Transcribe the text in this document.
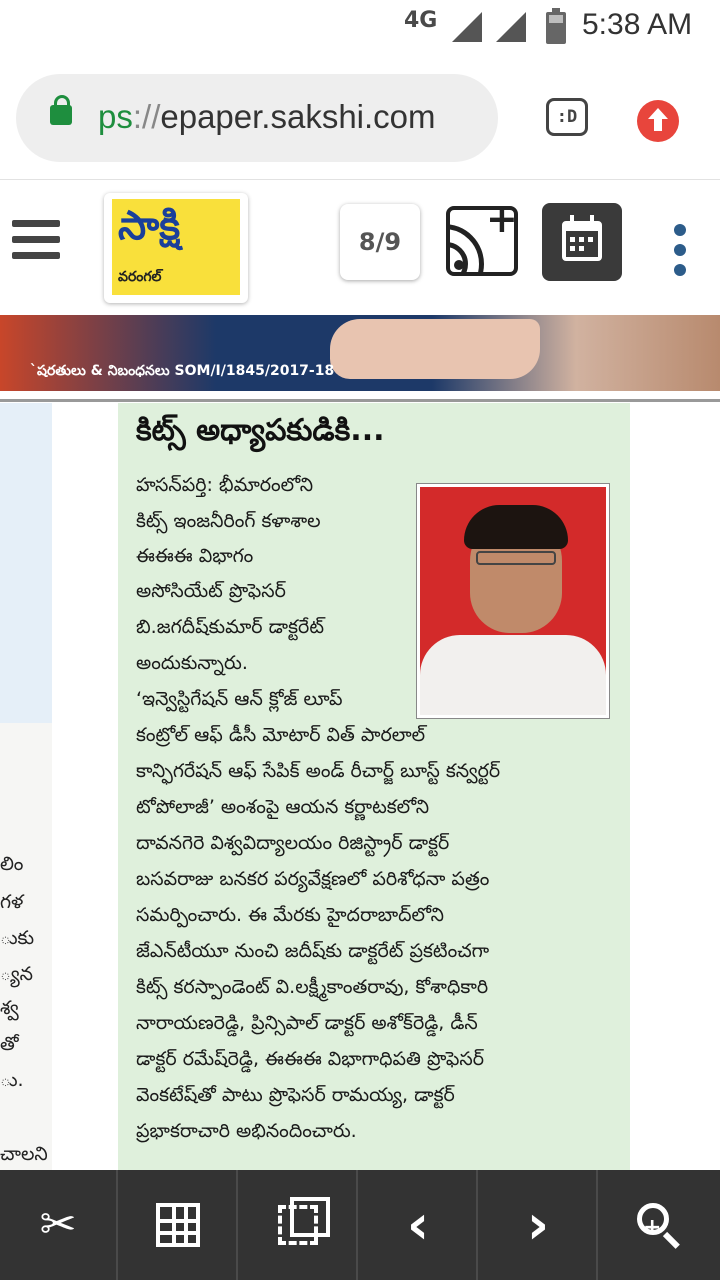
4G	5:38 AM
ps://epaper.sakshi.com	:D
సాక్షి
వరంగల్
8/9
+
`షరతులు & నిబంధనలు SOM/I/1845/2017-18
లిం
గళ
ుకు
్యన
శ్వ
తో
ు.
చాలని
కిట్స్ అధ్యాపకుడికి...
హసన్‌పర్తి: భీమారంలోని
కిట్స్ ఇంజనీరింగ్ కళాశాల
ఈఈఈ విభాగం
అసోసియేట్ ప్రొఫెసర్
బి.జగదీష్‌కుమార్ డాక్టరేట్
అందుకున్నారు.
‘ఇన్వెస్టిగేషన్ ఆన్ క్లోజ్ లూప్
కంట్రోల్ ఆఫ్ డీసీ మోటార్ విత్ పారలాల్
కాన్ఫిగరేషన్ ఆఫ్ సేపిక్ అండ్ రీచార్జ్ బూస్ట్ కన్వర్టర్
టోపోలాజీ’ అంశంపై ఆయన కర్ణాటకలోని
దావనగెరె విశ్వవిద్యాలయం రిజిస్ట్రార్ డాక్టర్
బసవరాజు బనకర పర్యవేక్షణలో పరిశోధనా పత్రం
సమర్పించారు. ఈ మేరకు హైదరాబాద్‌లోని
జేఎన్‌టీయూ నుంచి జదీష్‌కు డాక్టరేట్ ప్రకటించగా
కిట్స్ కరస్పాండెంట్ వి.లక్ష్మీకాంతరావు, కోశాధికారి
నారాయణరెడ్డి, ప్రిన్సిపాల్ డాక్టర్ అశోక్‌రెడ్డి, డీన్
డాక్టర్ రమేష్‌రెడ్డి, ఈఈఈ విభాగాధిపతి ప్రొఫెసర్
వెంకటేష్‌తో పాటు ప్రొఫెసర్ రామయ్య, డాక్టర్
ప్రభాకరాచారి అభినందించారు.
✂	‹ ›	+
